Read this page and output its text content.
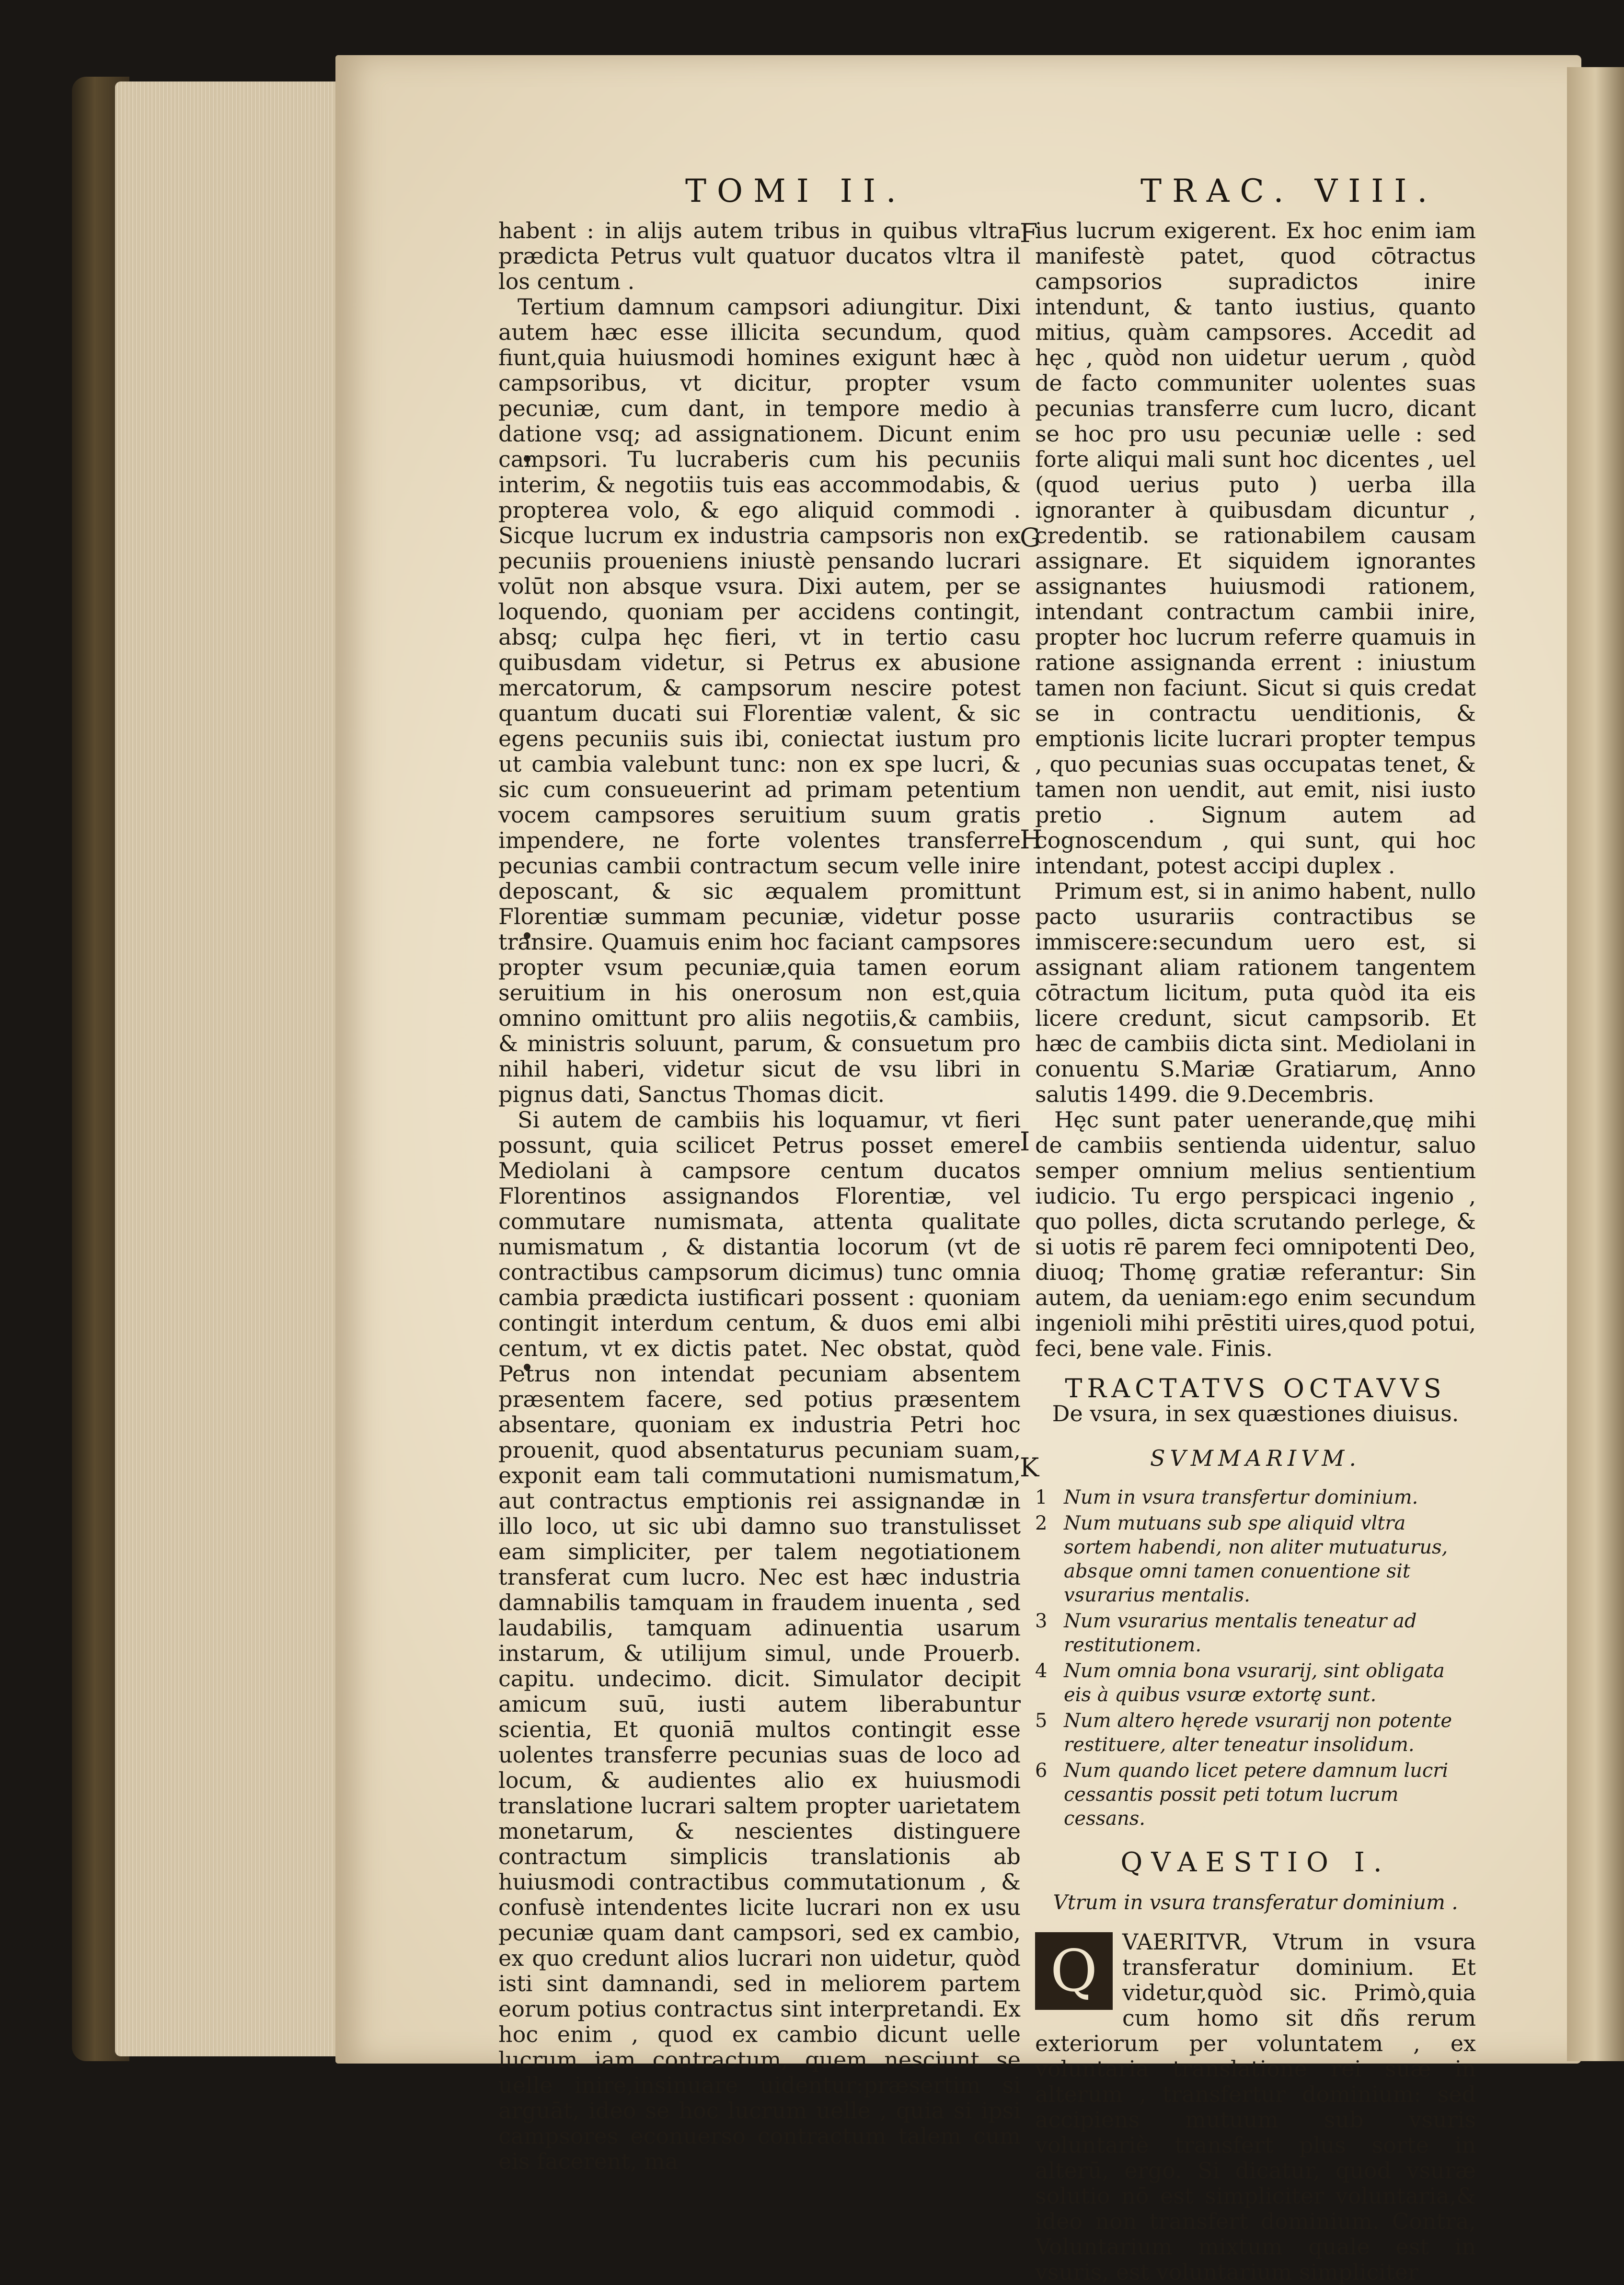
TOMI II.	TRAC. VIII.
F
G
H
I
K

habent : in alijs autem tribus in quibus vltra prædicta Petrus vult quatuor ducatos vltra il los centum .

Tertium damnum campsori adiungitur. Dixi autem hæc esse illicita secundum, quod fiunt,quia huiusmodi homines exigunt hæc à campsoribus, vt dicitur, propter vsum pecuniæ, cum dant, in tempore medio à datione vsq; ad assignationem. Dicunt enim campsori. Tu lucraberis cum his pecuniis interim, & negotiis tuis eas accommodabis, & propterea volo, & ego aliquid commodi . Sicque lucrum ex industria campsoris non ex pecuniis proueniens iniustè pensando lucrari volūt non absque vsura. Dixi autem, per se loquendo, quoniam per accidens contingit, absq; culpa hęc fieri, vt in tertio casu quibusdam videtur, si Petrus ex abusione mercatorum, & campsorum nescire potest quantum ducati sui Florentiæ valent, & sic egens pecuniis suis ibi, coniectat iustum pro ut cambia valebunt tunc: non ex spe lucri, & sic cum consueuerint ad primam petentium vocem campsores seruitium suum gratis impendere, ne forte volentes transferre pecunias cambii contractum secum velle inire deposcant, & sic æqualem promittunt Florentiæ summam pecuniæ, videtur posse transire. Quamuis enim hoc faciant campsores propter vsum pecuniæ,quia tamen eorum seruitium in his onerosum non est,quia omnino omittunt pro aliis negotiis,& cambiis, & ministris soluunt, parum, & consuetum pro nihil haberi, videtur sicut de vsu libri in pignus dati, Sanctus Thomas dicit.

Si autem de cambiis his loquamur, vt fieri possunt, quia scilicet Petrus posset emere Mediolani à campsore centum ducatos Florentinos assignandos Florentiæ, vel commutare numismata, attenta qualitate numismatum , & distantia locorum (vt de contractibus campsorum dicimus) tunc omnia cambia prædicta iustificari possent : quoniam contingit interdum centum, & duos emi albi centum, vt ex dictis patet. Nec obstat, quòd Petrus non intendat pecuniam absentem præsentem facere, sed potius præsentem absentare, quoniam ex industria Petri hoc prouenit, quod absentaturus pecuniam suam, exponit eam tali commutationi numismatum, aut contractus emptionis rei assignandæ in illo loco, ut sic ubi damno suo transtulisset eam simpliciter, per talem negotiationem transferat cum lucro. Nec est hæc industria damnabilis tamquam in fraudem inuenta , sed laudabilis, tamquam adinuentia usarum instarum, & utilijum simul, unde Prouerb. capitu. undecimo. dicit. Simulator decipit amicum suū, iusti autem liberabuntur scientia, Et quoniā multos contingit esse uolentes transferre pecunias suas de loco ad locum, & audientes alio ex huiusmodi translatione lucrari saltem propter uarietatem monetarum, & nescientes distinguere contractum simplicis translationis ab huiusmodi contractibus commutationum , & confusè intendentes licite lucrari non ex usu pecuniæ quam dant campsori, sed ex cambio, ex quo credunt alios lucrari non uidetur, quòd isti sint damnandi, sed in meliorem partem eorum potius contractus sint interpretandi. Ex hoc enim , quod ex cambio dicunt uelle lucrum iam contractum, quem nesciunt se uelle inire,insinuare uidentur:præsertim si arguāt, ideo se hoc lucrum uelle , quia si ipsi campsores econuerso contractum talem cum eis facerent, ma

ius lucrum exigerent. Ex hoc enim iam manifestè patet, quod cōtractus campsorios supradictos inire intendunt, & tanto iustius, quanto mitius, quàm campsores. Accedit ad hęc , quòd non uidetur uerum , quòd de facto communiter uolentes suas pecunias transferre cum lucro, dicant se hoc pro usu pecuniæ uelle : sed forte aliqui mali sunt hoc dicentes , uel (quod uerius puto ) uerba illa ignoranter à quibusdam dicuntur , credentib. se rationabilem causam assignare. Et siquidem ignorantes assignantes huiusmodi rationem, intendant contractum cambii inire, propter hoc lucrum referre quamuis in ratione assignanda errent : iniustum tamen non faciunt. Sicut si quis credat se in contractu uenditionis, & emptionis licite lucrari propter tempus , quo pecunias suas occupatas tenet, & tamen non uendit, aut emit, nisi iusto pretio . Signum autem ad cognoscendum , qui sunt, qui hoc intendant, potest accipi duplex .

Primum est, si in animo habent, nullo pacto usurariis contractibus se immiscere:secundum uero est, si assignant aliam rationem tangentem cōtractum licitum, puta quòd ita eis licere credunt, sicut campsorib. Et hæc de cambiis dicta sint. Mediolani in conuentu S.Mariæ Gratiarum, Anno salutis 1499. die 9.Decembris.

Hęc sunt pater uenerande,quę mihi de cambiis sentienda uidentur, saluo semper omnium melius sentientium iudicio. Tu ergo perspicaci ingenio , quo polles, dicta scrutando perlege, & si uotis rē parem feci omnipotenti Deo, diuoq; Thomę gratiæ referantur: Sin autem, da ueniam:ego enim secundum ingenioli mihi prēstiti uires,quod potui, feci, bene vale. Finis.

TRACTATVS OCTAVVS
De vsura, in sex quæstiones diuisus.
SVMMARIVM.
1 Num in vsura transfertur dominium.
2 Num mutuans sub spe aliquid vltra sortem habendi, non aliter mutuaturus, absque omni tamen conuentione sit vsurarius mentalis.
3 Num vsurarius mentalis teneatur ad restitutionem.
4 Num omnia bona vsurarij, sint obligata eis à quibus vsuræ extortę sunt.
5 Num altero hęrede vsurarij non potente restituere, alter teneatur insolidum.
6 Num quando licet petere damnum lucri cessantis possit peti totum lucrum cessans.
QVAESTIO I.
Vtrum in vsura transferatur dominium .

Q	VAERITVR, Vtrum in vsura transferatur dominium. Et videtur,quòd sic. Primò,quia cum homo sit dñs rerum exteriorum per voluntatem , ex voluntaria translatione rei suæ in alterum , transfertur dominium: sed accipiens mutuum sub vsuris voluntariè transfert plus sorte in alterū, ergo. Si dicatur, quod vsuræ solutio nō est simpliciter voluntaria,& ideo non transfert dominium. Contra, Voluntarium mixtum quale est in vsuris, est voluntarium simpliciter
